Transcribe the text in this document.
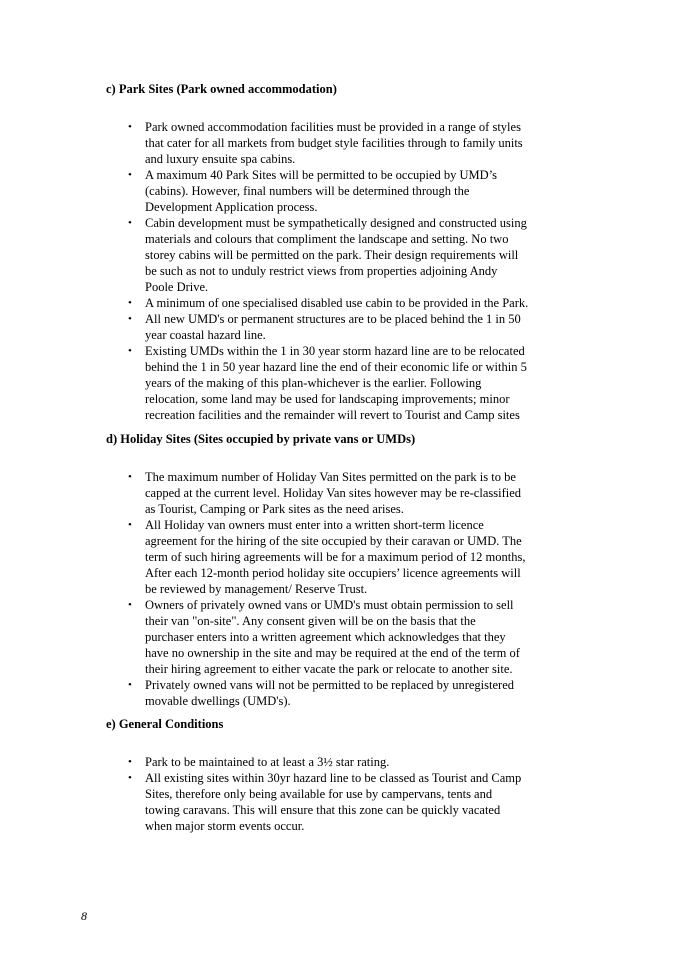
c) Park Sites (Park owned accommodation)

• Park owned accommodation facilities must be provided in a range of styles
that cater for all markets from budget style facilities through to family units
and luxury ensuite spa cabins.
• A maximum 40 Park Sites will be permitted to be occupied by UMD’s
(cabins). However, final numbers will be determined through the
Development Application process.
• Cabin development must be sympathetically designed and constructed using
materials and colours that compliment the landscape and setting. No two
storey cabins will be permitted on the park. Their design requirements will
be such as not to unduly restrict views from properties adjoining Andy
Poole Drive.
• A minimum of one specialised disabled use cabin to be provided in the Park.
• All new UMD's or permanent structures are to be placed behind the 1 in 50
year coastal hazard line.
• Existing UMDs within the 1 in 30 year storm hazard line are to be relocated
behind the 1 in 50 year hazard line the end of their economic life or within 5
years of the making of this plan-whichever is the earlier. Following
relocation, some land may be used for landscaping improvements; minor
recreation facilities and the remainder will revert to Tourist and Camp sites

d) Holiday Sites (Sites occupied by private vans or UMDs)

• The maximum number of Holiday Van Sites permitted on the park is to be
capped at the current level. Holiday Van sites however may be re-classified
as Tourist, Camping or Park sites as the need arises.
• All Holiday van owners must enter into a written short-term licence
agreement for the hiring of the site occupied by their caravan or UMD. The
term of such hiring agreements will be for a maximum period of 12 months,
After each 12-month period holiday site occupiers’ licence agreements will
be reviewed by management/ Reserve Trust.
• Owners of privately owned vans or UMD's must obtain permission to sell
their van "on-site". Any consent given will be on the basis that the
purchaser enters into a written agreement which acknowledges that they
have no ownership in the site and may be required at the end of the term of
their hiring agreement to either vacate the park or relocate to another site.
• Privately owned vans will not be permitted to be replaced by unregistered
movable dwellings (UMD's).

e) General Conditions

• Park to be maintained to at least a 3½ star rating.
• All existing sites within 30yr hazard line to be classed as Tourist and Camp
Sites, therefore only being available for use by campervans, tents and
towing caravans. This will ensure that this zone can be quickly vacated
when major storm events occur.
8
